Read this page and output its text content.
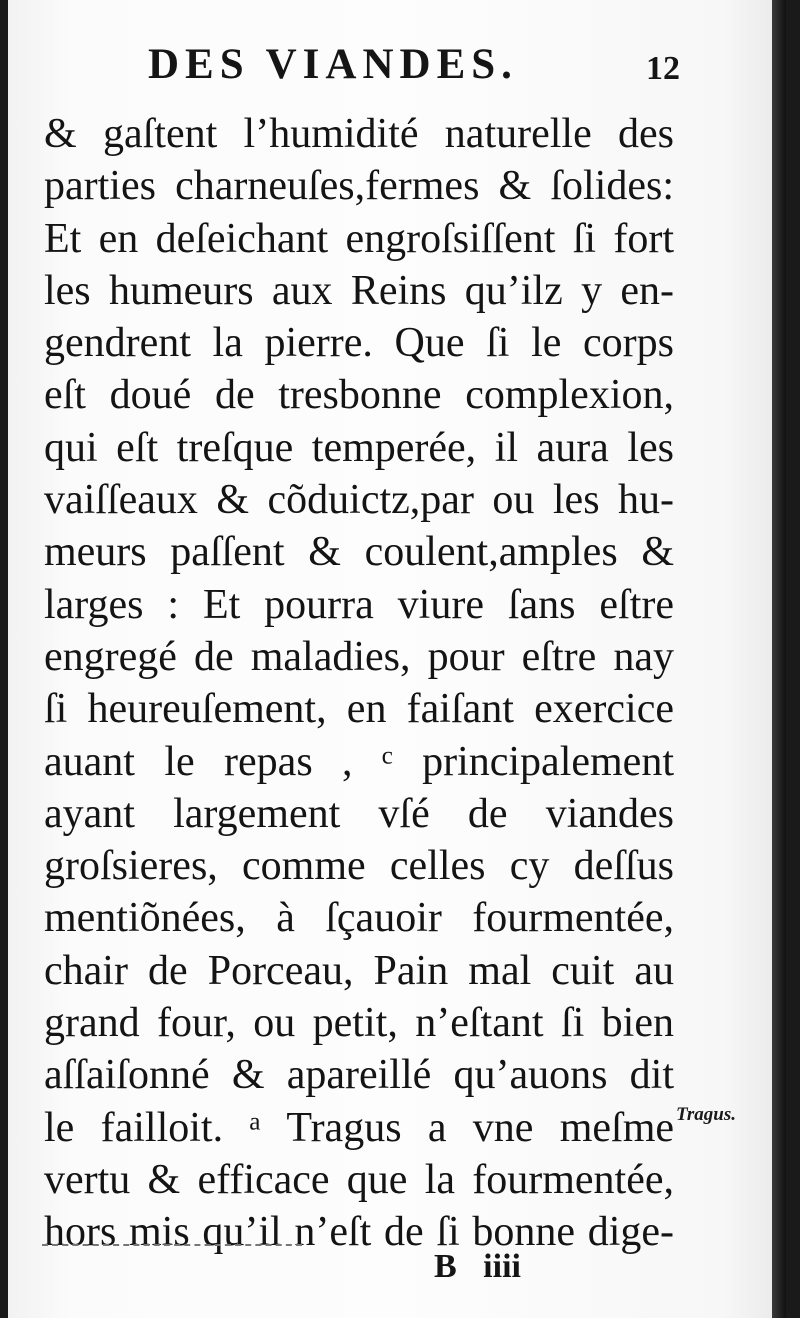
DES VIANDES.	12
& gaſtent l’humidité naturelle des
parties charneuſes,fermes & ſolides:
Et en deſeichant engroſsiſſent ſi fort
les humeurs aux Reins qu’ilz y en-
gendrent la pierre. Que ſi le corps
eſt doué de tresbonne complexion,
qui eſt treſque temperée, il aura les
vaiſſeaux & cõduictz,par ou les hu-
meurs paſſent & coulent,amples &
larges : Et pourra viure ſans eſtre
engregé de maladies, pour eſtre nay
ſi heureuſement, en faiſant exercice
auant le repas , ᶜ principalement
ayant largement vſé de viandes
groſsieres, comme celles cy deſſus
mentiõnées, à ſçauoir fourmentée,
chair de Porceau, Pain mal cuit au
grand four, ou petit, n’eſtant ſi bien
aſſaiſonné & apareillé qu’auons dit
le failloit. ᵃ Tragus a vne meſme
vertu & efficace que la fourmentée,
hors mis qu’il n’eſt de ſi bonne dige-
Tragus.
B iiii
